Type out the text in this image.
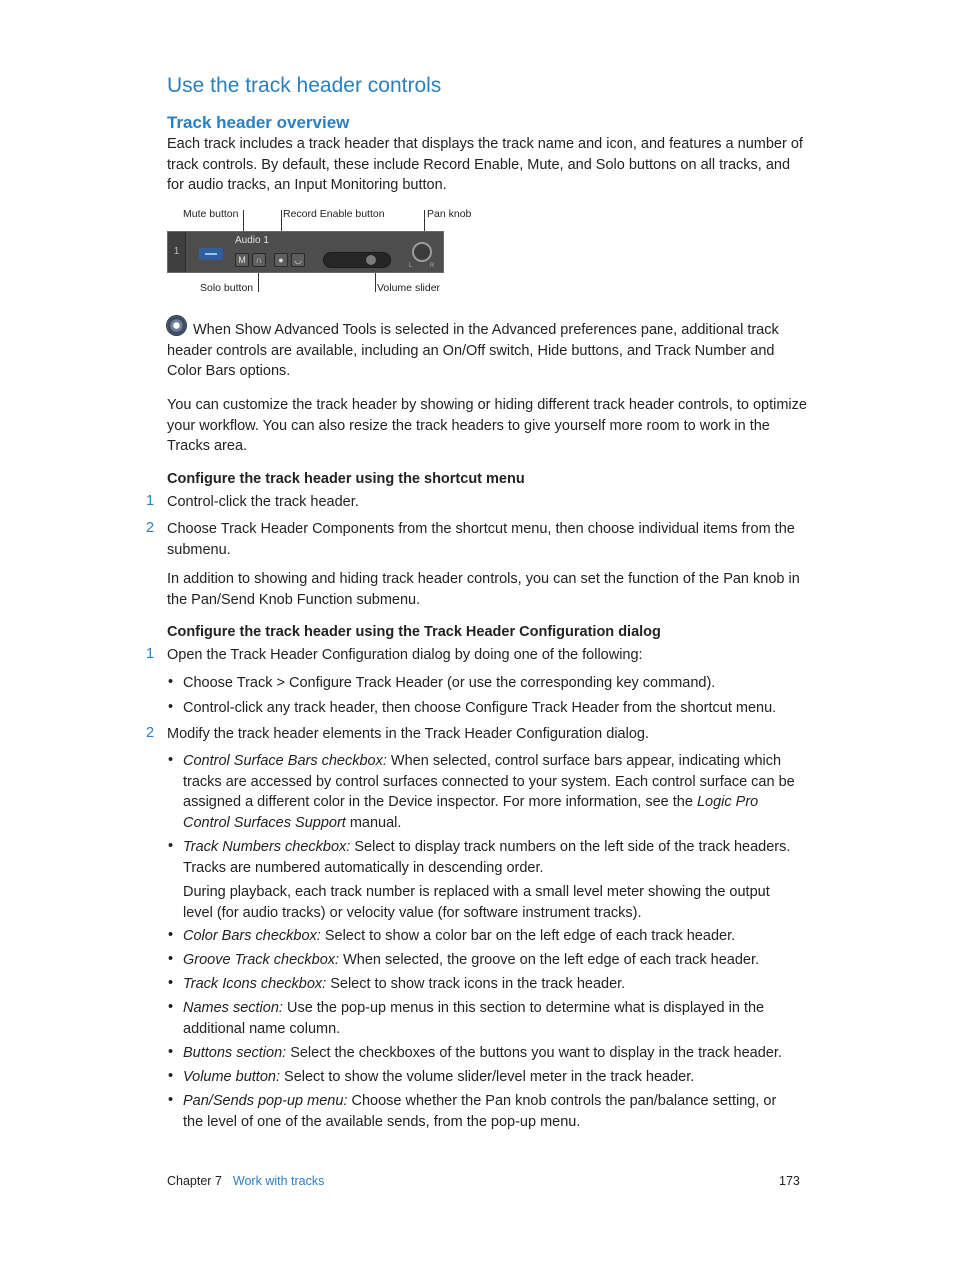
Use the track header controls
Track header overview
Each track includes a track header that displays the track name and icon, and features a number of track controls. By default, these include Record Enable, Mute, and Solo buttons on all tracks, and for audio tracks, an Input Monitoring button.
Mute button	Record Enable button	Pan knob
Solo button	Volume slider
1
Audio 1
M	∩	●	◡
L	R
When Show Advanced Tools is selected in the Advanced preferences pane, additional track header controls are available, including an On/Off switch, Hide buttons, and Track Number and Color Bars options.
You can customize the track header by showing or hiding different track header controls, to optimize your workflow. You can also resize the track headers to give yourself more room to work in the Tracks area.
Configure the track header using the shortcut menu
1 Control-click the track header.
2 Choose Track Header Components from the shortcut menu, then choose individual items from the submenu.
In addition to showing and hiding track header controls, you can set the function of the Pan knob in the Pan/Send Knob Function submenu.
Configure the track header using the Track Header Configuration dialog
1 Open the Track Header Configuration dialog by doing one of the following:
• Choose Track > Configure Track Header (or use the corresponding key command).
• Control-click any track header, then choose Configure Track Header from the shortcut menu.
2 Modify the track header elements in the Track Header Configuration dialog.
• Control Surface Bars checkbox: When selected, control surface bars appear, indicating which tracks are accessed by control surfaces connected to your system. Each control surface can be assigned a different color in the Device inspector. For more information, see the Logic Pro Control Surfaces Support manual.
• Track Numbers checkbox: Select to display track numbers on the left side of the track headers. Tracks are numbered automatically in descending order.
During playback, each track number is replaced with a small level meter showing the output level (for audio tracks) or velocity value (for software instrument tracks).
• Color Bars checkbox: Select to show a color bar on the left edge of each track header.
• Groove Track checkbox: When selected, the groove on the left edge of each track header.
• Track Icons checkbox: Select to show track icons in the track header.
• Names section: Use the pop-up menus in this section to determine what is displayed in the additional name column.
• Buttons section: Select the checkboxes of the buttons you want to display in the track header.
• Volume button: Select to show the volume slider/level meter in the track header.
• Pan/Sends pop-up menu: Choose whether the Pan knob controls the pan/balance setting, or the level of one of the available sends, from the pop-up menu.
Chapter 7 Work with tracks	173
